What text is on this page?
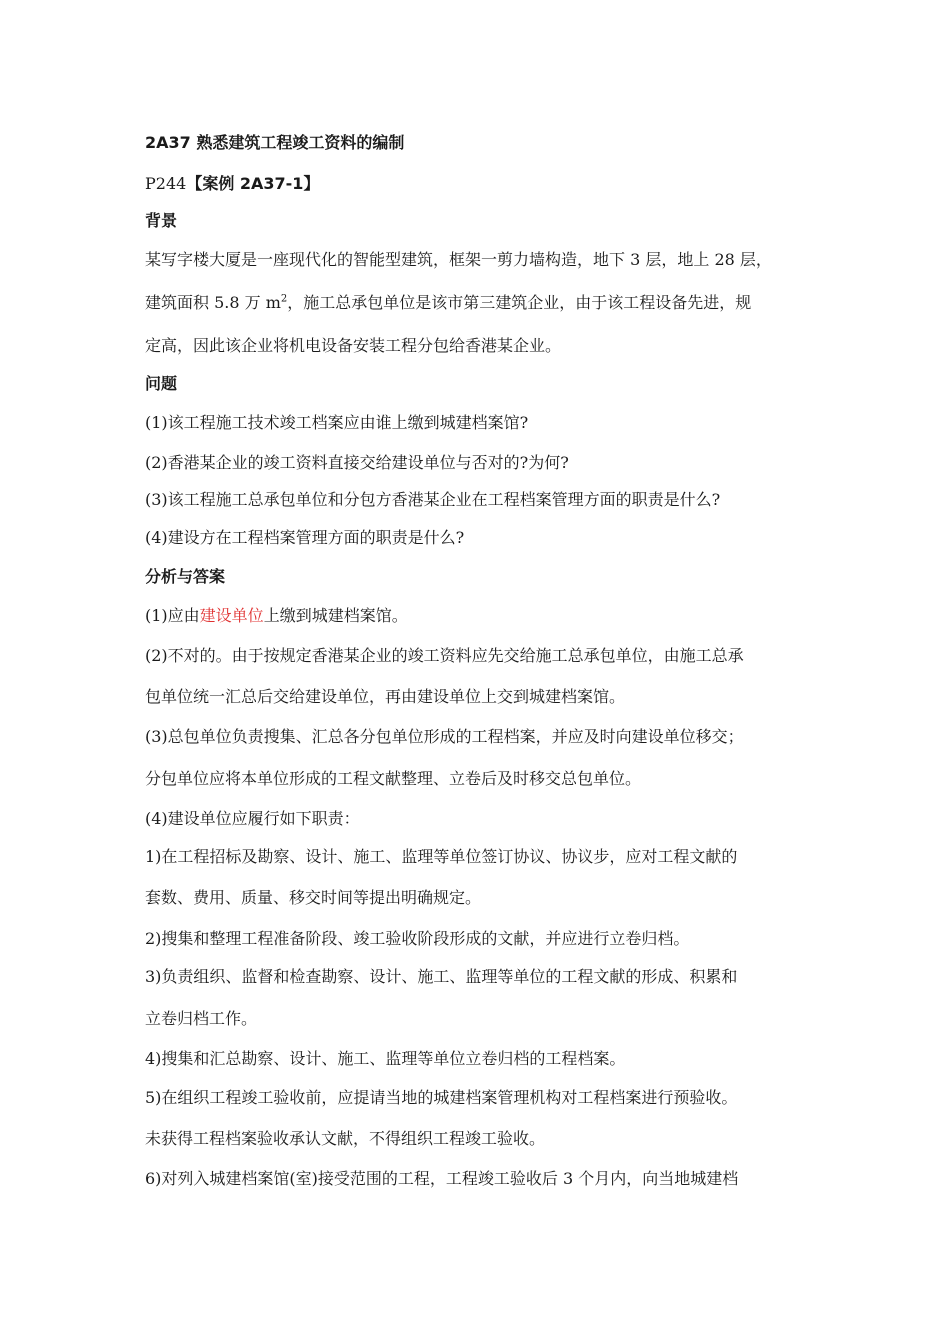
2A37 熟悉建筑工程竣工资料的编制
P244【案例 2A37-1】
背景
某写字楼大厦是一座现代化的智能型建筑，框架一剪力墙构造，地下 3 层，地上 28 层，
建筑面积 5.8 万 $m^2$，施工总承包单位是该市第三建筑企业，由于该工程设备先进，规
定高，因此该企业将机电设备安装工程分包给香港某企业。
问题
(1)该工程施工技术竣工档案应由谁上缴到城建档案馆?
(2)香港某企业的竣工资料直接交给建设单位与否对的?为何?
(3)该工程施工总承包单位和分包方香港某企业在工程档案管理方面的职责是什么?
(4)建设方在工程档案管理方面的职责是什么?
分析与答案
(1)应由建设单位上缴到城建档案馆。
(2)不对的。由于按规定香港某企业的竣工资料应先交给施工总承包单位，由施工总承
包单位统一汇总后交给建设单位，再由建设单位上交到城建档案馆。
(3)总包单位负责搜集、汇总各分包单位形成的工程档案，并应及时向建设单位移交；
分包单位应将本单位形成的工程文献整理、立卷后及时移交总包单位。
(4)建设单位应履行如下职责：
1)在工程招标及勘察、设计、施工、监理等单位签订协议、协议步，应对工程文献的
套数、费用、质量、移交时间等提出明确规定。
2)搜集和整理工程准备阶段、竣工验收阶段形成的文献，并应进行立卷归档。
3)负责组织、监督和检查勘察、设计、施工、监理等单位的工程文献的形成、积累和
立卷归档工作。
4)搜集和汇总勘察、设计、施工、监理等单位立卷归档的工程档案。
5)在组织工程竣工验收前，应提请当地的城建档案管理机构对工程档案进行预验收。
未获得工程档案验收承认文献，不得组织工程竣工验收。
6)对列入城建档案馆(室)接受范围的工程，工程竣工验收后 3 个月内，向当地城建档
